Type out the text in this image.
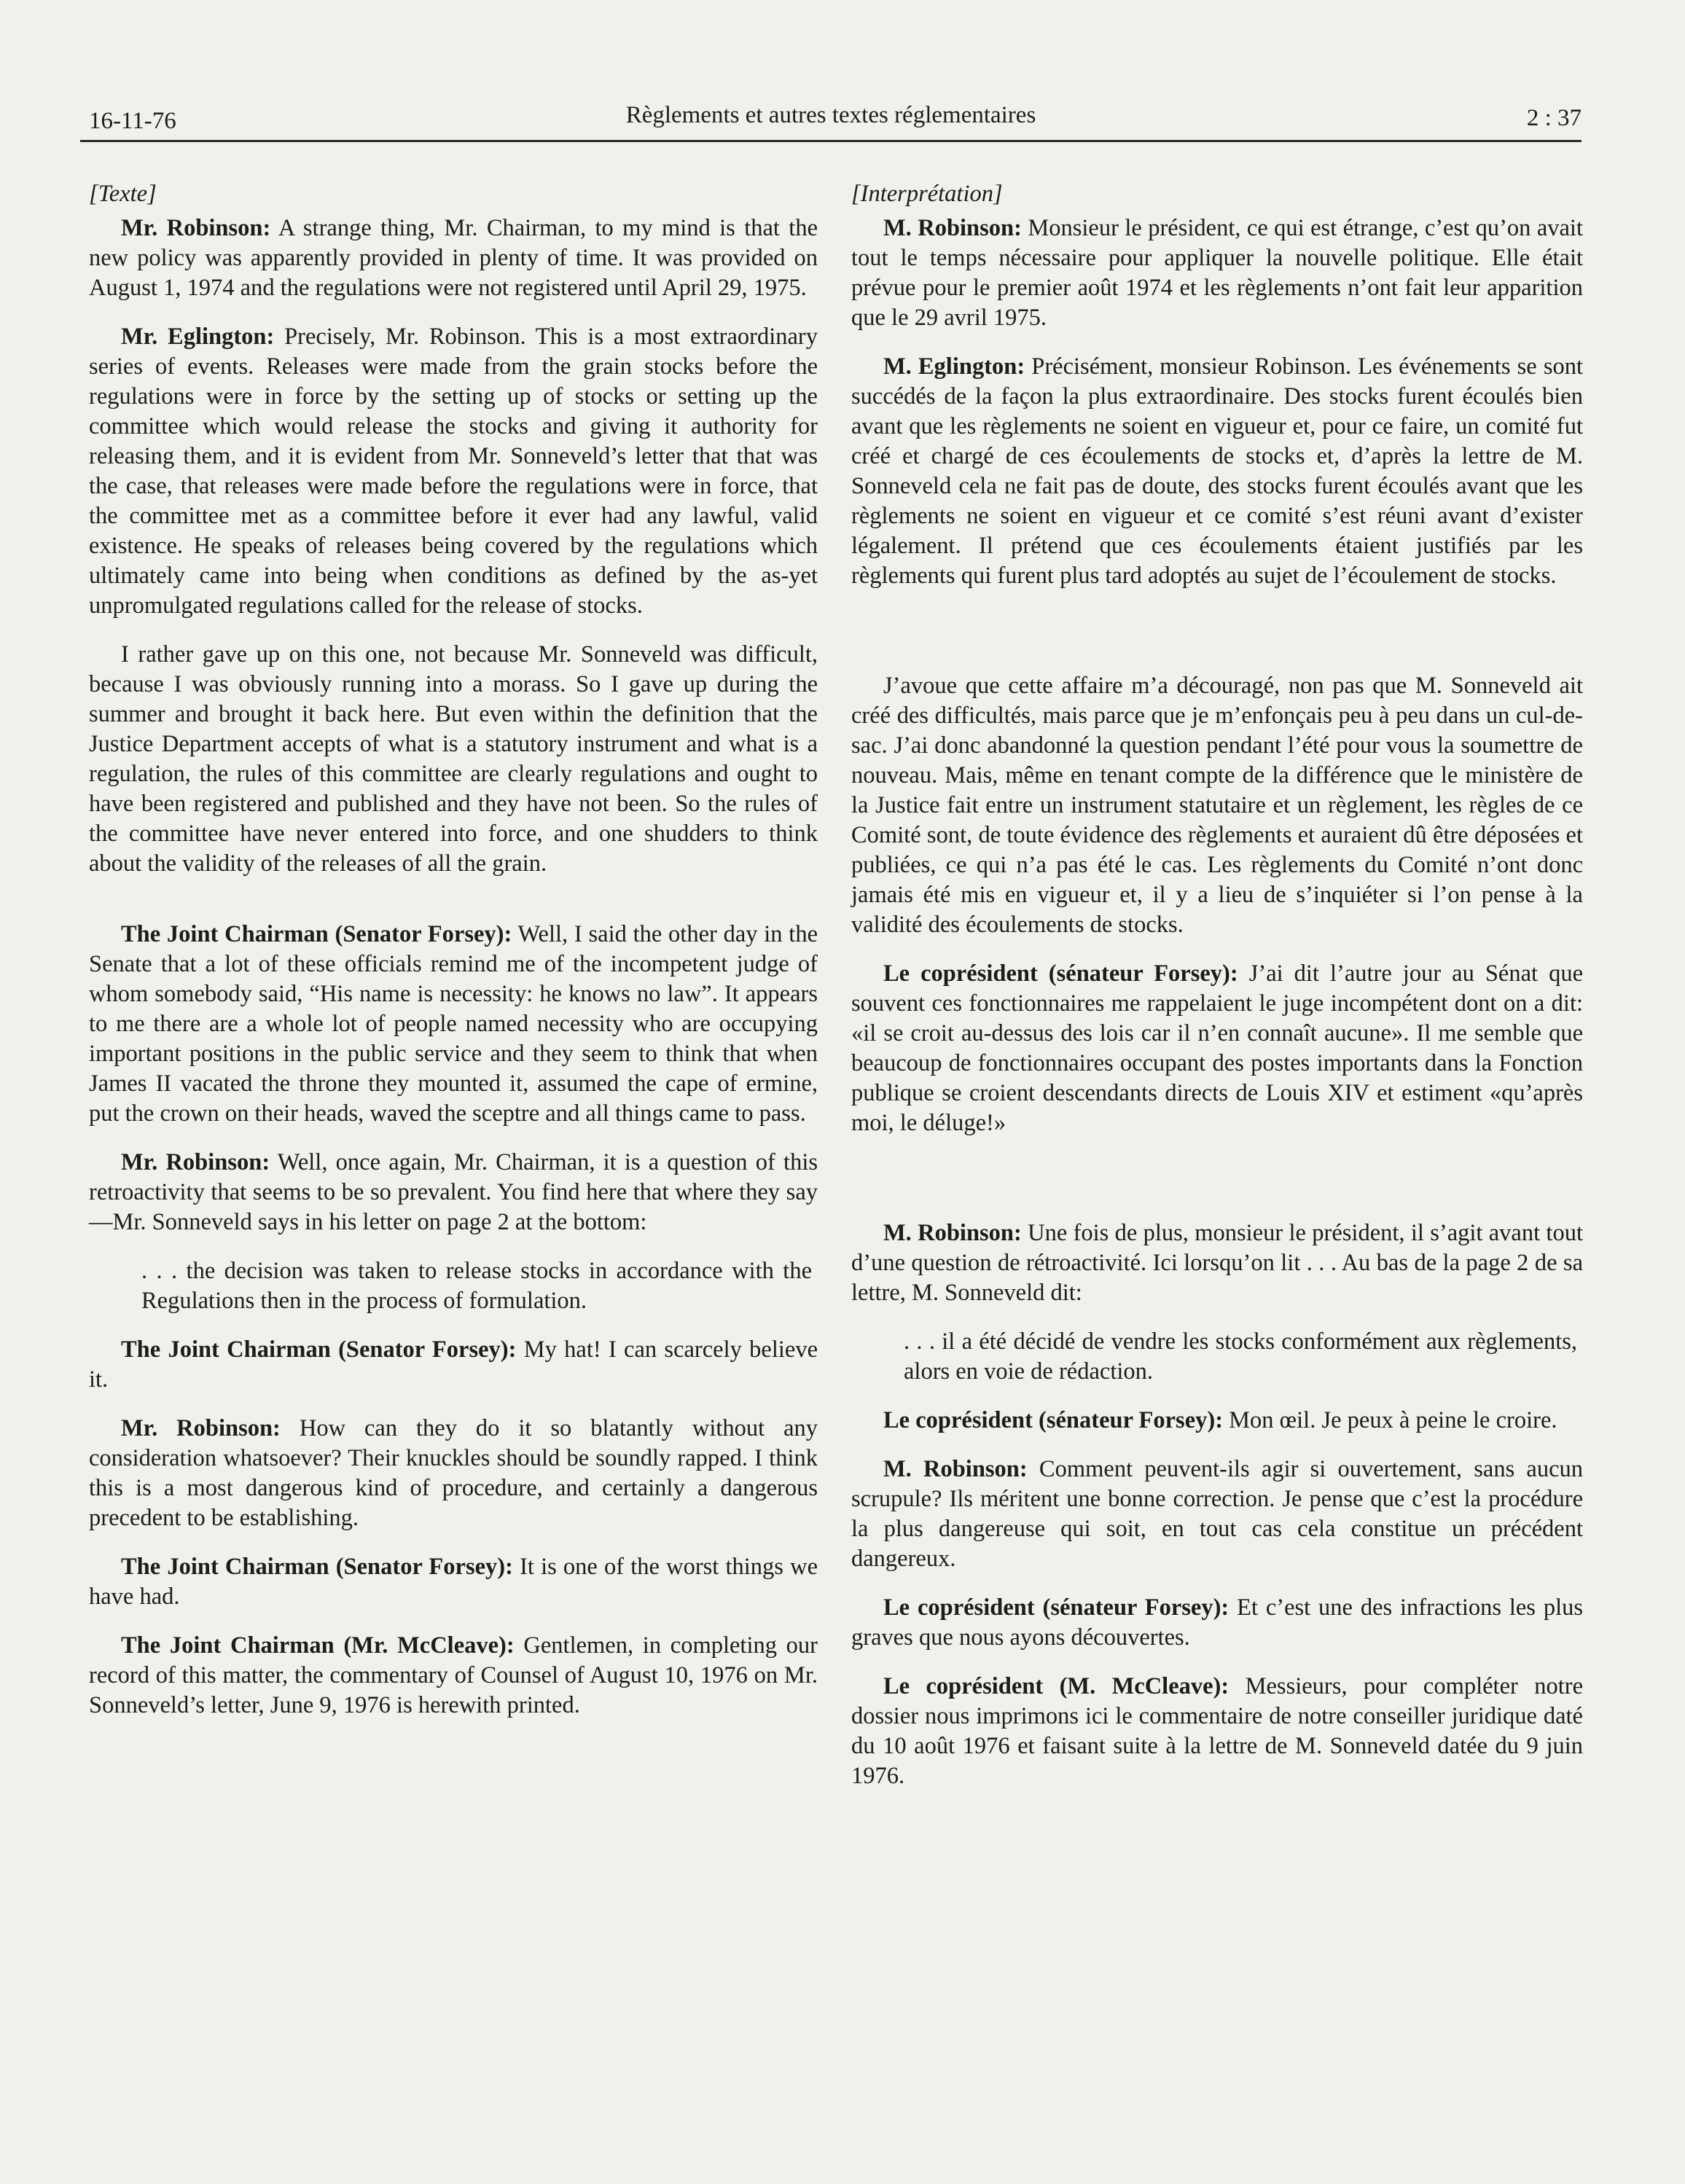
16-11-76	Règlements et autres textes réglementaires	2 : 37

[Texte]

Mr. Robinson: A strange thing, Mr. Chairman, to my mind is that the new policy was apparently provided in plenty of time. It was provided on August 1, 1974 and the regulations were not registered until April 29, 1975.

Mr. Eglington: Precisely, Mr. Robinson. This is a most extraordinary series of events. Releases were made from the grain stocks before the regulations were in force by the setting up of stocks or setting up the committee which would release the stocks and giving it authority for releasing them, and it is evident from Mr. Sonneveld’s letter that that was the case, that releases were made before the regulations were in force, that the committee met as a committee before it ever had any lawful, valid existence. He speaks of releases being covered by the regulations which ultimately came into being when conditions as defined by the as-yet unpromulgated regulations called for the release of stocks.

I rather gave up on this one, not because Mr. Sonneveld was difficult, because I was obviously running into a morass. So I gave up during the summer and brought it back here. But even within the definition that the Justice Department accepts of what is a statutory instrument and what is a regulation, the rules of this committee are clearly regulations and ought to have been registered and published and they have not been. So the rules of the committee have never entered into force, and one shudders to think about the validity of the releases of all the grain.

The Joint Chairman (Senator Forsey): Well, I said the other day in the Senate that a lot of these officials remind me of the incompetent judge of whom somebody said, “His name is necessity: he knows no law”. It appears to me there are a whole lot of people named necessity who are occupying important positions in the public service and they seem to think that when James II vacated the throne they mounted it, assumed the cape of ermine, put the crown on their heads, waved the sceptre and all things came to pass.

Mr. Robinson: Well, once again, Mr. Chairman, it is a question of this retroactivity that seems to be so prevalent. You find here that where they say—Mr. Sonneveld says in his letter on page 2 at the bottom:

. . . the decision was taken to release stocks in accordance with the Regulations then in the process of formulation.

The Joint Chairman (Senator Forsey): My hat! I can scarcely believe it.

Mr. Robinson: How can they do it so blatantly without any consideration whatsoever? Their knuckles should be soundly rapped. I think this is a most dangerous kind of procedure, and certainly a dangerous precedent to be establishing.

The Joint Chairman (Senator Forsey): It is one of the worst things we have had.

The Joint Chairman (Mr. McCleave): Gentlemen, in completing our record of this matter, the commentary of Counsel of August 10, 1976 on Mr. Sonneveld’s letter, June 9, 1976 is herewith printed.

[Interprétation]

M. Robinson: Monsieur le président, ce qui est étrange, c’est qu’on avait tout le temps nécessaire pour appliquer la nouvelle politique. Elle était prévue pour le premier août 1974 et les règlements n’ont fait leur apparition que le 29 avril 1975.

M. Eglington: Précisément, monsieur Robinson. Les événements se sont succédés de la façon la plus extraordinaire. Des stocks furent écoulés bien avant que les règlements ne soient en vigueur et, pour ce faire, un comité fut créé et chargé de ces écoulements de stocks et, d’après la lettre de M. Sonneveld cela ne fait pas de doute, des stocks furent écoulés avant que les règlements ne soient en vigueur et ce comité s’est réuni avant d’exister légalement. Il prétend que ces écoulements étaient justifiés par les règlements qui furent plus tard adoptés au sujet de l’écoulement de stocks.

J’avoue que cette affaire m’a découragé, non pas que M. Sonneveld ait créé des difficultés, mais parce que je m’enfonçais peu à peu dans un cul-de-sac. J’ai donc abandonné la question pendant l’été pour vous la soumettre de nouveau. Mais, même en tenant compte de la différence que le ministère de la Justice fait entre un instrument statutaire et un règlement, les règles de ce Comité sont, de toute évidence des règlements et auraient dû être déposées et publiées, ce qui n’a pas été le cas. Les règlements du Comité n’ont donc jamais été mis en vigueur et, il y a lieu de s’inquiéter si l’on pense à la validité des écoulements de stocks.

Le coprésident (sénateur Forsey): J’ai dit l’autre jour au Sénat que souvent ces fonctionnaires me rappelaient le juge incompétent dont on a dit: «il se croit au-dessus des lois car il n’en connaît aucune». Il me semble que beaucoup de fonctionnaires occupant des postes importants dans la Fonction publique se croient descendants directs de Louis XIV et estiment «qu’après moi, le déluge!»

M. Robinson: Une fois de plus, monsieur le président, il s’agit avant tout d’une question de rétroactivité. Ici lorsqu’on lit . . . Au bas de la page 2 de sa lettre, M. Sonneveld dit:

. . . il a été décidé de vendre les stocks conformément aux règlements, alors en voie de rédaction.

Le coprésident (sénateur Forsey): Mon œil. Je peux à peine le croire.

M. Robinson: Comment peuvent-ils agir si ouvertement, sans aucun scrupule? Ils méritent une bonne correction. Je pense que c’est la procédure la plus dangereuse qui soit, en tout cas cela constitue un précédent dangereux.

Le coprésident (sénateur Forsey): Et c’est une des infractions les plus graves que nous ayons découvertes.

Le coprésident (M. McCleave): Messieurs, pour compléter notre dossier nous imprimons ici le commentaire de notre conseiller juridique daté du 10 août 1976 et faisant suite à la lettre de M. Sonneveld datée du 9 juin 1976.
